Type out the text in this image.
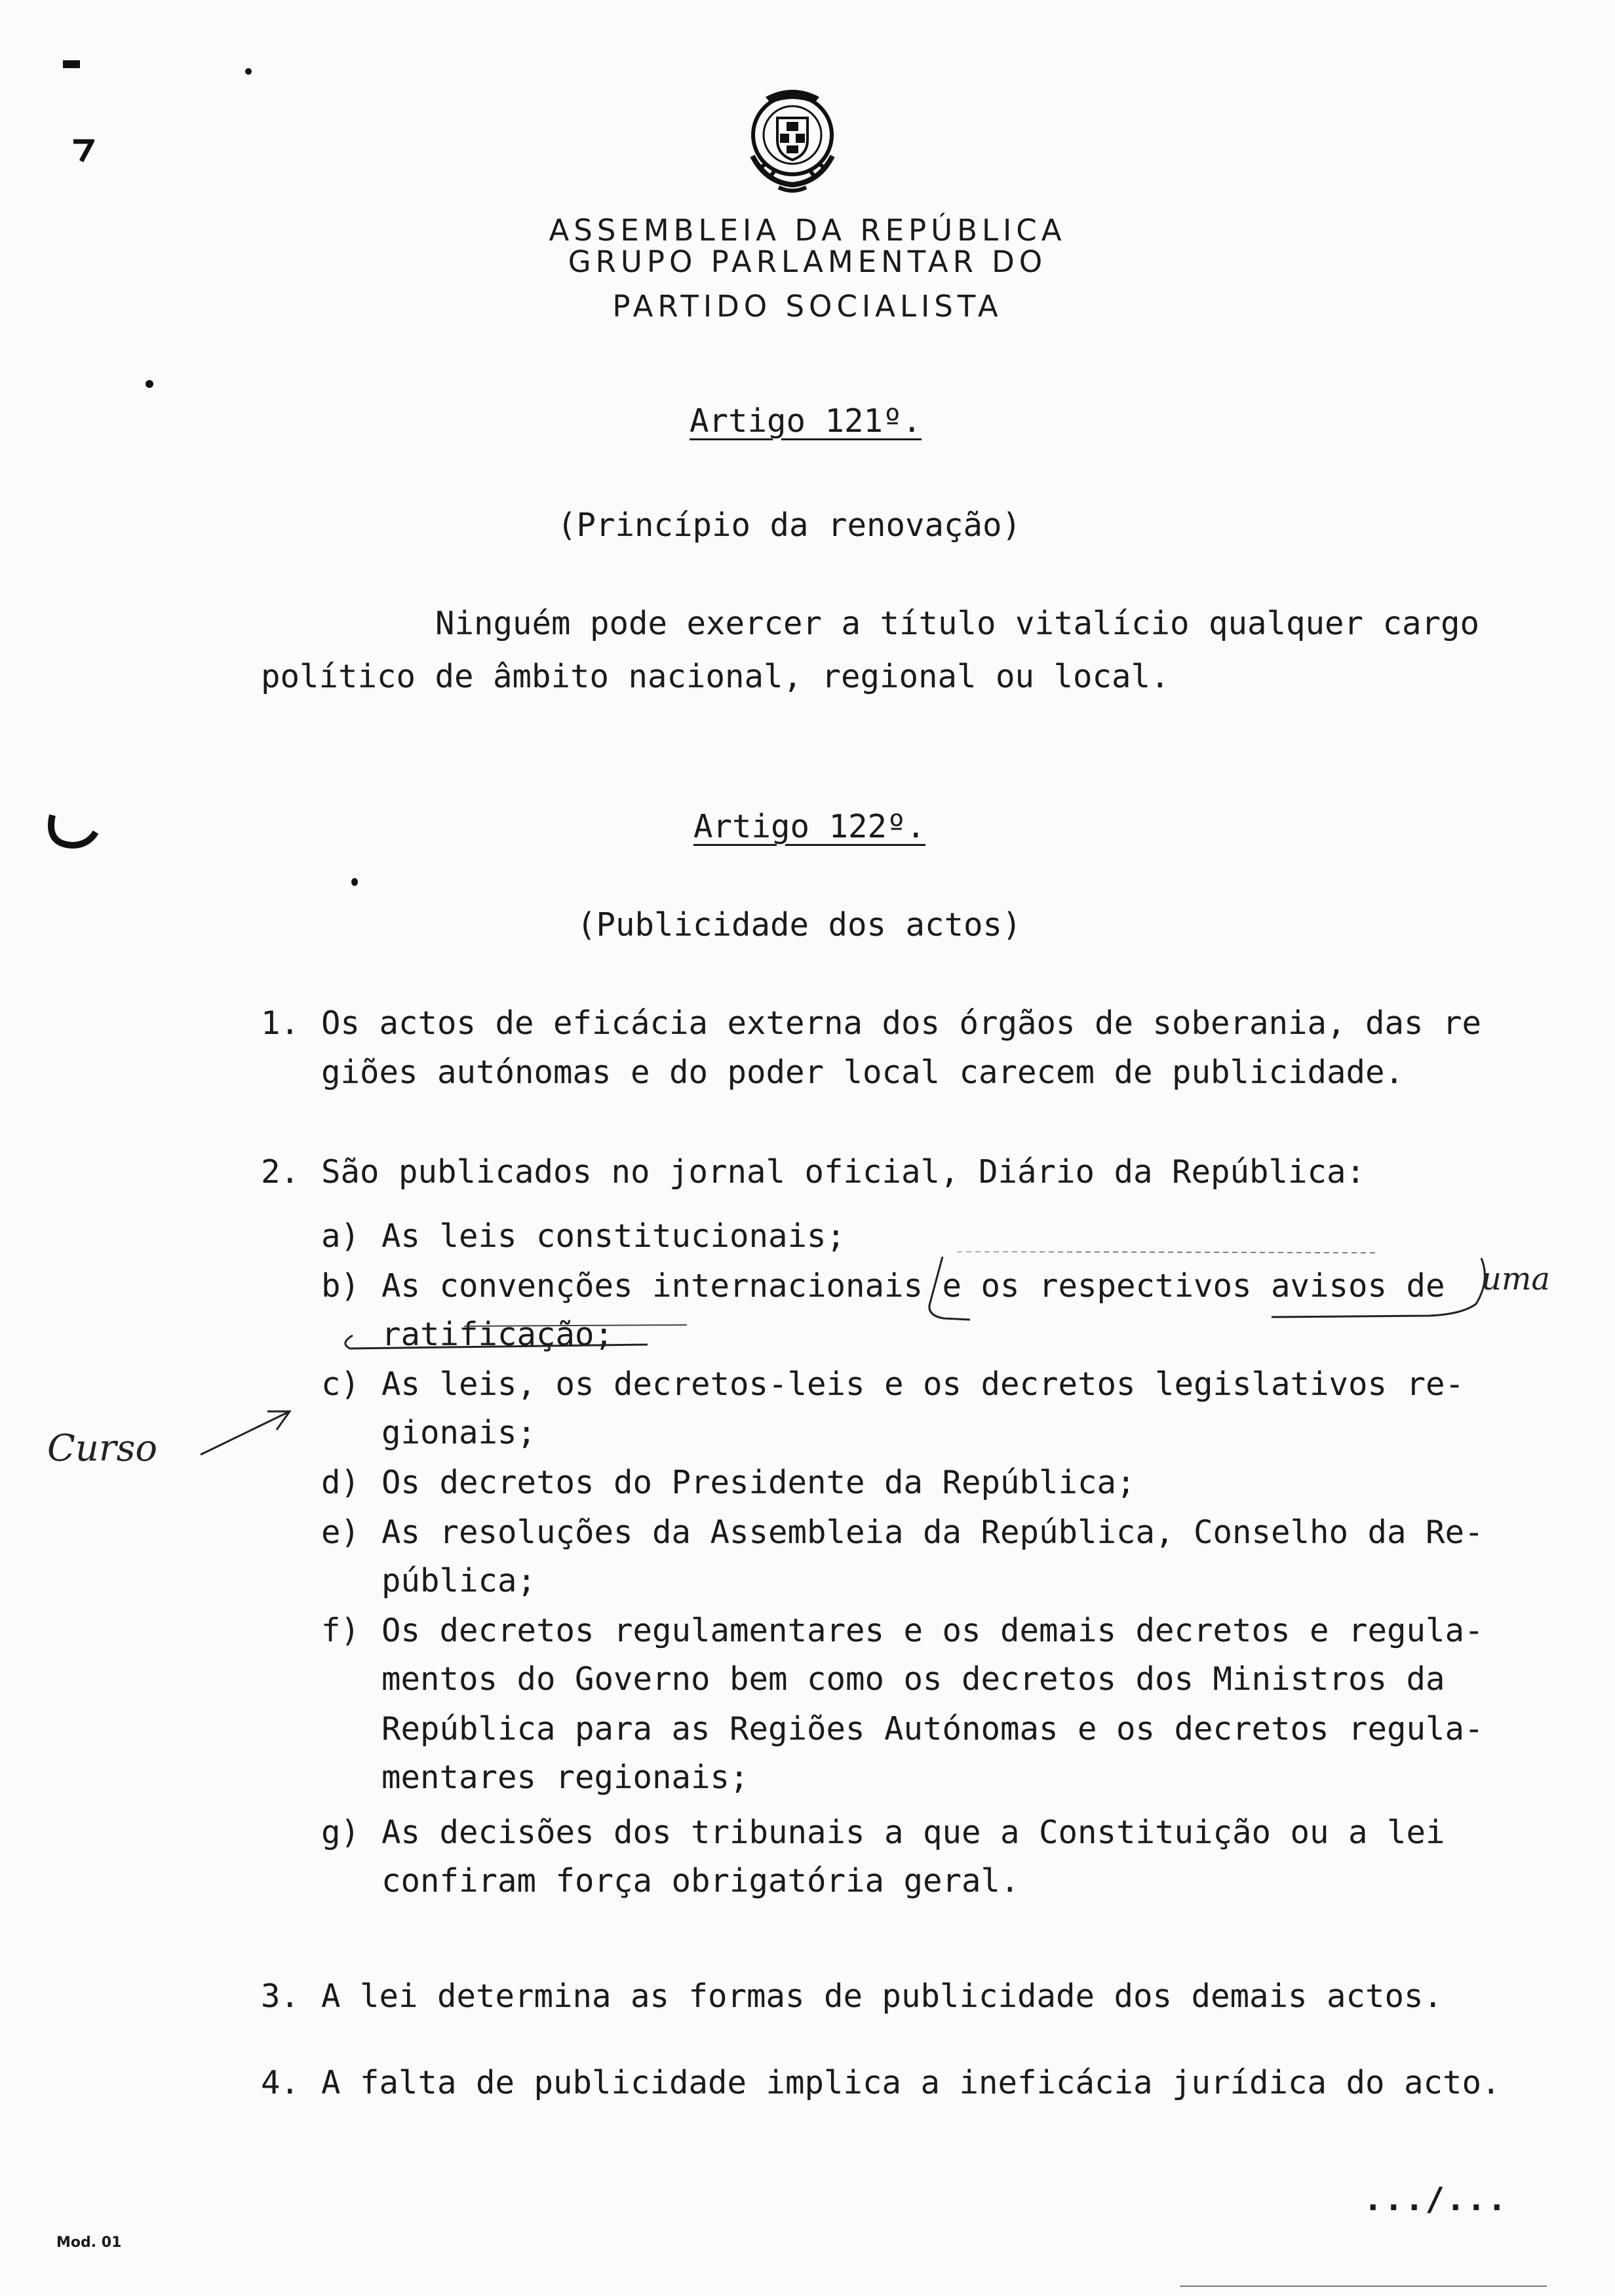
ASSEMBLEIA DA REPÚBLICA
GRUPO PARLAMENTAR DO
PARTIDO SOCIALISTA
Artigo 121º.
(Princípio da renovação)
Ninguém pode exercer a título vitalício qualquer cargo
político de âmbito nacional, regional ou local.
Artigo 122º.
(Publicidade dos actos)
1. Os actos de eficácia externa dos órgãos de soberania, das re
giões autónomas e do poder local carecem de publicidade.
2. São publicados no jornal oficial, Diário da República:
a) As leis constitucionais;
b) As convenções internacionais e os respectivos avisos de
ratificação;
c) As leis, os decretos-leis e os decretos legislativos re-
gionais;
d) Os decretos do Presidente da República;
e) As resoluções da Assembleia da República, Conselho da Re-
pública;
f) Os decretos regulamentares e os demais decretos e regula-
mentos do Governo bem como os decretos dos Ministros da
República para as Regiões Autónomas e os decretos regula-
mentares regionais;
g) As decisões dos tribunais a que a Constituição ou a lei
confiram força obrigatória geral.
3. A lei determina as formas de publicidade dos demais actos.
4. A falta de publicidade implica a ineficácia jurídica do acto.
uma
Curso
.../...
Mod. 01
